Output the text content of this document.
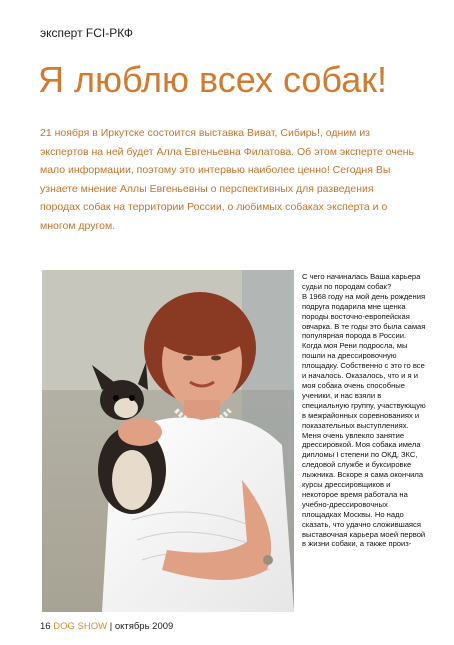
эксперт FCI-РКФ
Я люблю всех собак!

21 ноября в Иркутске состоится выставка Виват, Сибирь!, одним из экспертов на ней будет Алла Евгеньевна Филатова. Об этом эксперте очень мало информации, поэтому это интервью наиболее ценно! Сегодня Вы узнаете мнение Аллы Евгеньевны о перспективных для разведения породах собак на территории России, о любимых собаках эксперта и о многом другом.

С чего начиналась Ваша карьера судьи по породам собак?

В 1968 году на мой день рождения подруга подарила мне щенка породы восточно-европейская овчарка. В те годы это была самая популярная порода в России. Когда моя Рени подросла, мы пошли на дрессировочную площадку. Собственно с это го все и началось. Оказалось, что и я и моя собака очень способные ученики, и нас взяли в специальную группу, участвующую в межрайонных соревнованиях и показательных выступлениях. Меня очень увлекло занятие дрессировкой. Моя собака имела дипломы I степени по ОКД, ЗКС, следовой службе и буксировке лыжника. Вскоре я сама окончила курсы дрессировщиков и некоторое время работала на учебно-дрессировочных площадках Москвы. Но надо сказать, что удачно сложившаяся выставочная карьера моей первой в жизни собаки, а также произ-

16 DOG SHOW | октябрь 2009
